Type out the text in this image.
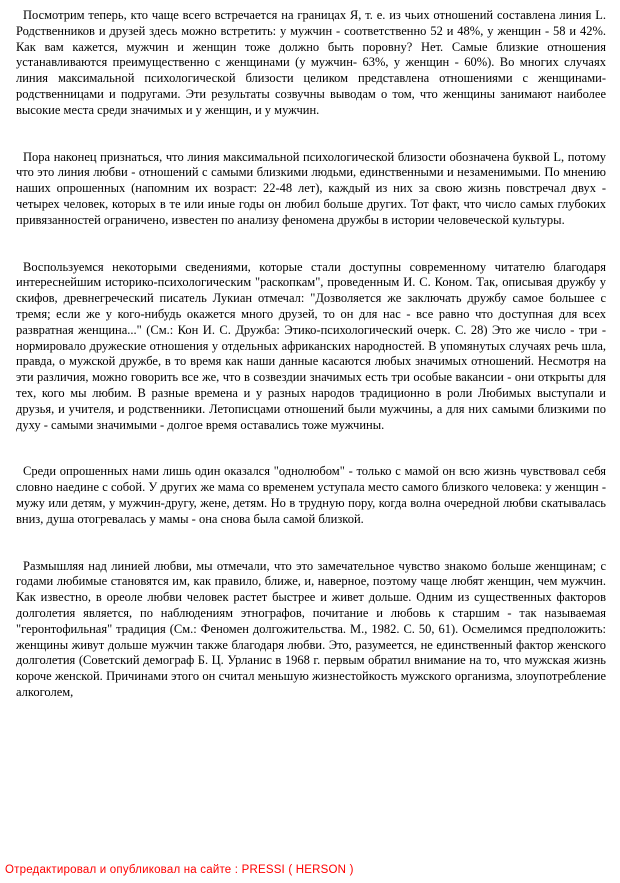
Посмотрим теперь, кто чаще всего встречается на границах Я, т. е. из чьих отношений составлена линия L. Родственников и друзей здесь можно встретить: у мужчин - соответственно 52 и 48%, у женщин - 58 и 42%. Как вам кажется, мужчин и женщин тоже должно быть поровну? Нет. Самые близкие отношения устанавливаются преимущественно с женщинами (у мужчин- 63%, у женщин - 60%). Во многих случаях линия максимальной психологической близости целиком представлена отношениями с женщинами-родственницами и подругами. Эти результаты созвучны выводам о том, что женщины занимают наиболее высокие места среди значимых и у женщин, и у мужчин.

Пора наконец признаться, что линия максимальной психологической близости обозначена буквой L, потому что это линия любви - отношений с самыми близкими людьми, единственными и незаменимыми. По мнению наших опрошенных (напомним их возраст: 22-48 лет), каждый из них за свою жизнь повстречал двух - четырех человек, которых в те или иные годы он любил больше других. Тот факт, что число самых глубоких привязанностей ограничено, известен по анализу феномена дружбы в истории человеческой культуры.

Воспользуемся некоторыми сведениями, которые стали доступны современному читателю благодаря интереснейшим историко-психологическим "раскопкам", проведенным И. С. Коном. Так, описывая дружбу у скифов, древнегреческий писатель Лукиан отмечал: "Дозволяется же заключать дружбу самое большее с тремя; если же у кого-нибудь окажется много друзей, то он для нас - все равно что доступная для всех развратная женщина..." (См.: Кон И. С. Дружба: Этико-психологический очерк. С. 28) Это же число - три - нормировало дружеские отношения у отдельных африканских народностей. В упомянутых случаях речь шла, правда, о мужской дружбе, в то время как наши данные касаются любых значимых отношений. Несмотря на эти различия, можно говорить все же, что в созвездии значимых есть три особые вакансии - они открыты для тех, кого мы любим. В разные времена и у разных народов традиционно в роли Любимых выступали и друзья, и учителя, и родственники. Летописцами отношений были мужчины, а для них самыми близкими по духу - самыми значимыми - долгое время оставались тоже мужчины.

Среди опрошенных нами лишь один оказался "однолюбом" - только с мамой он всю жизнь чувствовал себя словно наедине с собой. У других же мама со временем уступала место самого близкого человека: у женщин - мужу или детям, у мужчин-другу, жене, детям. Но в трудную пору, когда волна очередной любви скатывалась вниз, душа отогревалась у мамы - она снова была самой близкой.

Размышляя над линией любви, мы отмечали, что это замечательное чувство знакомо больше женщинам; с годами любимые становятся им, как правило, ближе, и, наверное, поэтому чаще любят женщин, чем мужчин. Как известно, в ореоле любви человек растет быстрее и живет дольше. Одним из существенных факторов долголетия является, по наблюдениям этнографов, почитание и любовь к старшим - так называемая "геронтофильная" традиция (См.: Феномен долгожительства. М., 1982. С. 50, 61). Осмелимся предположить: женщины живут дольше мужчин также благодаря любви. Это, разумеется, не единственный фактор женского долголетия (Советский демограф Б. Ц. Урланис в 1968 г. первым обратил внимание на то, что мужская жизнь короче женской. Причинами этого он считал меньшую жизнестойкость мужского организма, злоупотребление алкоголем,

Отредактировал и опубликовал на сайте : PRESSI ( HERSON )
